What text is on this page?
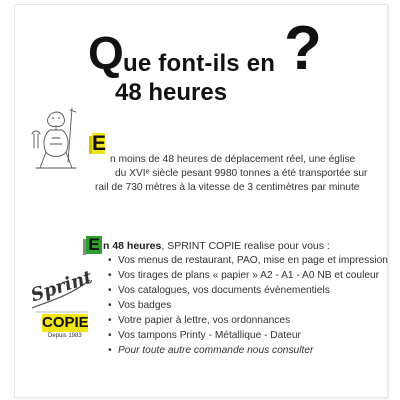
Q ue font-ils en
48 heures
?
E
n moins de 48 heures de déplacement réel, une église
du XVIᵉ siècle pesant 9980 tonnes a été transportée sur
rail de 730 mètres à la vitesse de 3 centimètres par minute
E n 48 heures, SPRINT COPIE realise pour vous :
• Vos menus de restaurant, PAO, mise en page et impression
• Vos tirages de plans « papier » A2 - A1 - A0 NB et couleur
• Vos catalogues, vos documents évènementiels
• Vos badges
• Votre papier à lettre, vos ordonnances
• Vos tampons Printy - Métallique - Dateur
• Pour toute autre commande nous consulter
Sprint
COPIE
Depuis 1983
